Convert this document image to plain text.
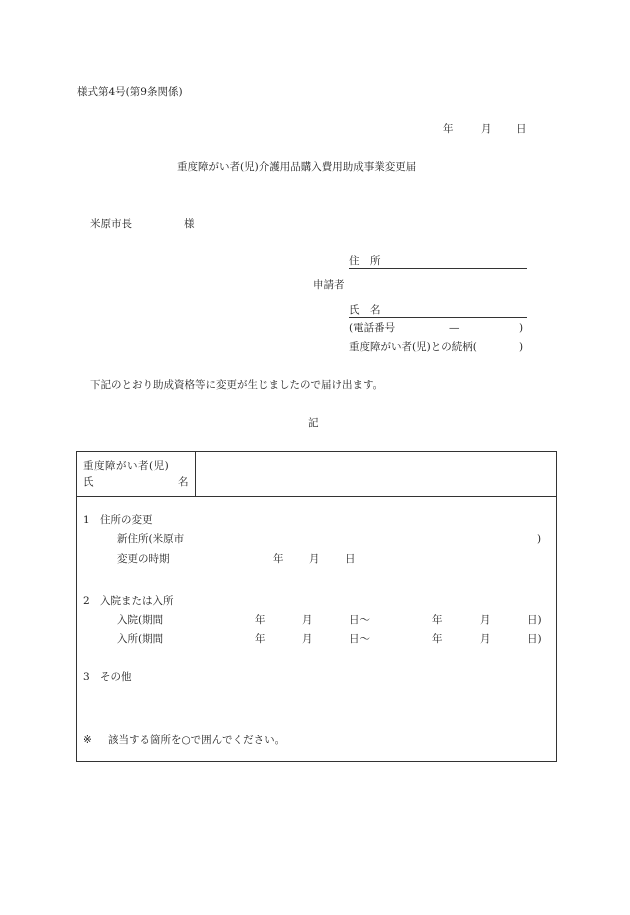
様式第4号(第9条関係)
年	月 日
重度障がい者(児)介護用品購入費用助成事業変更届
米原市長	様
住　所
申請者
氏　名
(電話番号	—	)
重度障がい者(児)との続柄(	)
下記のとおり助成資格等に変更が生じましたので届け出ます。
記
重度障がい者(児)
氏	名
1 住所の変更
新住所(米原市	)
変更の時期	年 月 日
2 入院または入所
入院(期間	年	月	日〜	年	月	日)
入所(期間	年	月	日〜	年	月	日)
3 その他
※ 該当する箇所を○で囲んでください。
